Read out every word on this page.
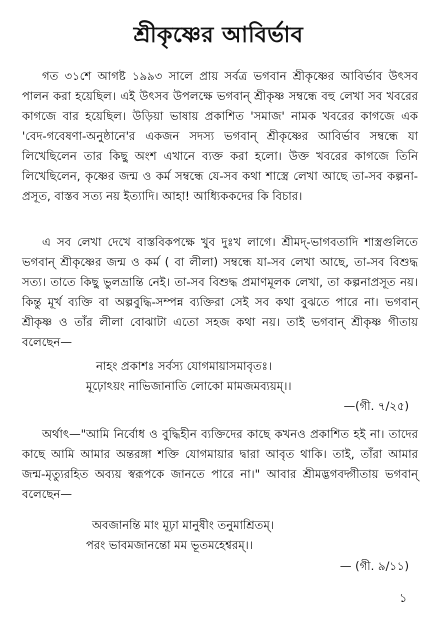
শ্রীকৃষ্ণের আবির্ভাব

গত ৩১শে আগষ্ট ১৯৯৩ সালে প্রায় সর্বত্র ভগবান শ্রীকৃষ্ণের আবির্ভাব উৎসব পালন করা হয়েছিল। এই উৎসব উপলক্ষে ভগবান্ শ্রীকৃষ্ণ সম্বন্ধে বহু লেখা সব খবরের কাগজে বার হয়েছিল। উড়িয়া ভাষায় প্রকাশিত 'সমাজ' নামক খবরের কাগজে এক 'বেদ-গবেষণা-অনুষ্ঠানে'র একজন সদস্য ভগবান্ শ্রীকৃষ্ণের আবির্ভাব সম্বন্ধে যা লিখেছিলেন তার কিছু অংশ এখানে ব্যক্ত করা হলো। উক্ত খবরের কাগজে তিনি লিখেছিলেন, কৃষ্ণের জন্ম ও কর্ম সম্বন্ধে যে-সব কথা শাস্ত্রে লেখা আছে তা-সব কল্পনা-প্রসূত, বাস্তব সত্য নয় ইত্যাদি। আহা! আধ্যিককদের কি বিচার।

এ সব লেখা দেখে বাস্তবিকপক্ষে খুব দুঃখ লাগে। শ্রীমদ্-ভাগবতাদি শাস্ত্রগুলিতে ভগবান্ শ্রীকৃষ্ণের জন্ম ও কর্ম ( বা লীলা) সম্বন্ধে যা-সব লেখা আছে, তা-সব বিশুদ্ধ সত্য। তাতে কিছু ভুলভ্রান্তি নেই। তা-সব বিশুদ্ধ প্রমাণমূলক লেখা, তা কল্পনাপ্রসূত নয়। কিন্তু মূর্খ ব্যক্তি বা অল্পবুদ্ধি-সম্পন্ন ব্যক্তিরা সেই সব কথা বুঝতে পারে না। ভগবান্ শ্রীকৃষ্ণ ও তাঁর লীলা বোঝাটা এতো সহজ কথা নয়। তাই ভগবান্ শ্রীকৃষ্ণ গীতায় বলেছেন—

নাহং প্রকাশঃ সর্বস্য যোগমায়াসমাবৃতঃ।
মূঢ়োঽয়ং নাভিজানাতি লোকো মামজমব্যয়ম্।।
—(গী. ৭/২৫)

অর্থাৎ—"আমি নির্বোধ ও বুদ্ধিহীন ব্যক্তিদের কাছে কখনও প্রকাশিত হই না। তাদের কাছে আমি আমার অন্তরঙ্গা শক্তি যোগমায়ার দ্বারা আবৃত থাকি। তাই, তাঁরা আমার জন্ম-মৃত্যুরহিত অব্যয় স্বরূপকে জানতে পারে না।" আবার শ্রীমদ্ভগবদ্গীতায় ভগবান্ বলেছেন—

অবজানন্তি মাং মূঢ়া মানুষীং তনুমাশ্রিতম্।
পরং ভাবমজানন্তো মম ভূতমহেশ্বরম্।।
— (গী. ৯/১১)
১
